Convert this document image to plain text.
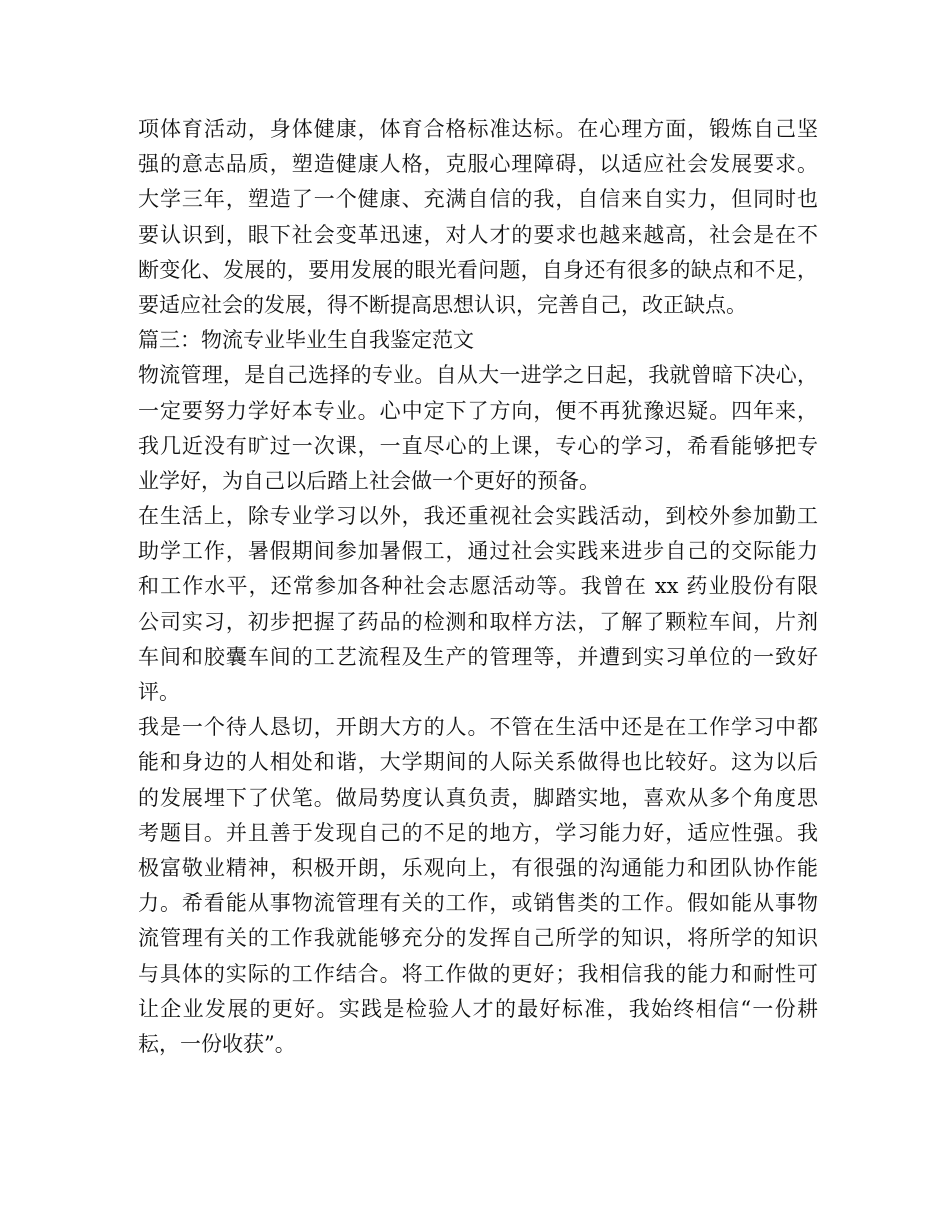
项体育活动，身体健康，体育合格标准达标。在心理方面，锻炼自己坚
强的意志品质，塑造健康人格，克服心理障碍，以适应社会发展要求。
大学三年，塑造了一个健康、充满自信的我，自信来自实力，但同时也
要认识到，眼下社会变革迅速，对人才的要求也越来越高，社会是在不
断变化、发展的，要用发展的眼光看问题，自身还有很多的缺点和不足，
要适应社会的发展，得不断提高思想认识，完善自己，改正缺点。
篇三：物流专业毕业生自我鉴定范文
物流管理，是自己选择的专业。自从大一进学之日起，我就曾暗下决心，
一定要努力学好本专业。心中定下了方向，便不再犹豫迟疑。四年来，
我几近没有旷过一次课，一直尽心的上课，专心的学习，希看能够把专
业学好，为自己以后踏上社会做一个更好的预备。
在生活上，除专业学习以外，我还重视社会实践活动，到校外参加勤工
助学工作，暑假期间参加暑假工，通过社会实践来进步自己的交际能力
和工作水平，还常参加各种社会志愿活动等。我曾在 xx 药业股份有限
公司实习，初步把握了药品的检测和取样方法，了解了颗粒车间，片剂
车间和胶囊车间的工艺流程及生产的管理等，并遭到实习单位的一致好
评。
我是一个待人恳切，开朗大方的人。不管在生活中还是在工作学习中都
能和身边的人相处和谐，大学期间的人际关系做得也比较好。这为以后
的发展埋下了伏笔。做局势度认真负责，脚踏实地，喜欢从多个角度思
考题目。并且善于发现自己的不足的地方，学习能力好，适应性强。我
极富敬业精神，积极开朗，乐观向上，有很强的沟通能力和团队协作能
力。希看能从事物流管理有关的工作，或销售类的工作。假如能从事物
流管理有关的工作我就能够充分的发挥自己所学的知识，将所学的知识
与具体的实际的工作结合。将工作做的更好；我相信我的能力和耐性可
让企业发展的更好。实践是检验人才的最好标准，我始终相信“一份耕
耘，一份收获”。
